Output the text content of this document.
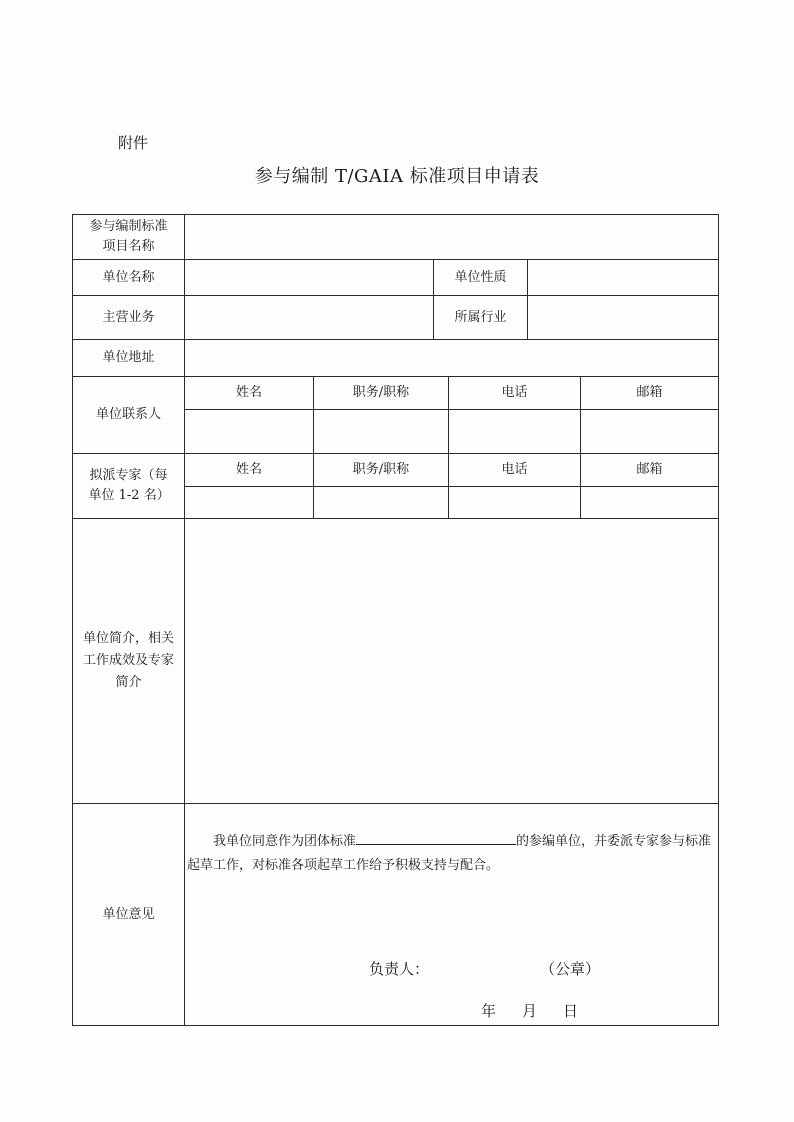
附件
参与编制 T/GAIA 标准项目申请表
参与编制标准项目名称
单位名称	单位性质
主营业务	所属行业
单位地址
单位联系人
姓名	职务/职称	电话	邮箱
拟派专家（每单位 1-2 名）
姓名	职务/职称	电话	邮箱
单位简介，相关工作成效及专家简介
单位意见
我单位同意作为团体标准	的参编单位，并委派专家参与标准起草工作，对标准各项起草工作给予积极支持与配合。
负责人：	（公章）
年 月 日
